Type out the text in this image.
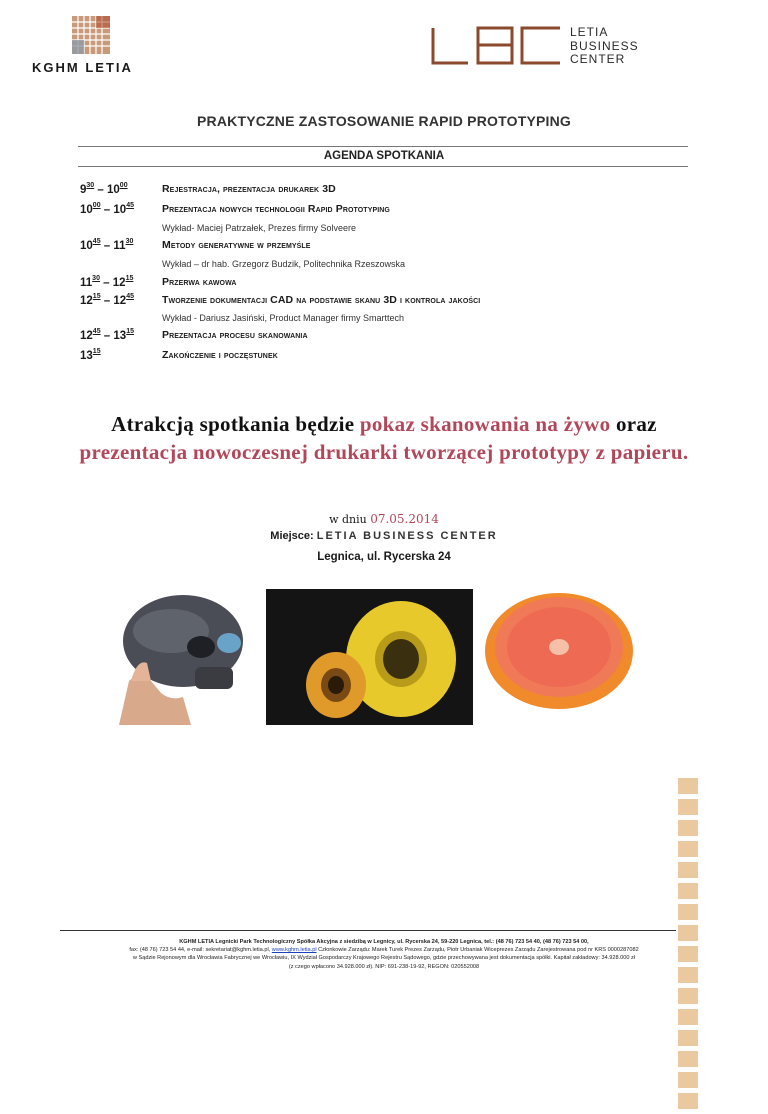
KGHM LETIA
LETIA
BUSINESS
CENTER
PRAKTYCZNE ZASTOSOWANIE RAPID PROTOTYPING
AGENDA SPOTKANIA
$9^{30} - 10^{00}$	Rejestracja, prezentacja drukarek 3D
$10^{00} - 10^{45}$	Prezentacja nowych technologii Rapid Prototyping
Wykład- Maciej Patrzałek, Prezes firmy Solveere
$10^{45} - 11^{30}$	Metody generatywne w przemyśle
Wykład – dr hab. Grzegorz Budzik, Politechnika Rzeszowska
$11^{30} - 12^{15}$	Przerwa kawowa
$12^{15} - 12^{45}$	Tworzenie dokumentacji CAD na podstawie skanu 3D i kontrola jakości
Wykład - Dariusz Jasiński, Product Manager firmy Smarttech
$12^{45} - 13^{15}$	Prezentacja procesu skanowania
$13^{15}$	Zakończenie i poczęstunek
Atrakcją spotkania będzie pokaz skanowania na żywo oraz
prezentacja nowoczesnej drukarki tworzącej prototypy z papieru.
w dniu 07.05.2014
Miejsce: LETIA BUSINESS CENTER
Legnica, ul. Rycerska 24
KGHM LETIA Legnicki Park Technologiczny Spółka Akcyjna z siedzibą w Legnicy, ul. Rycerska 24, 59-220 Legnica, tel.: (48 76) 723 54 40, (48 76) 723 54 00,
fax: (48 76) 723 54 44, e-mail: sekretariat@kghm.letia.pl, www.kghm.letia.pl Członkowie Zarządu: Marek Turek Prezes Zarządu, Piotr Urbaniak Wiceprezes Zarządu Zarejestrowana pod nr KRS 0000287082
w Sądzie Rejonowym dla Wrocławia Fabrycznej we Wrocławiu, IX Wydział Gospodarczy Krajowego Rejestru Sądowego, gdzie przechowywana jest dokumentacja spółki. Kapitał zakładowy: 34.928.000 zł
(z czego wpłacono 34.928.000 zł). NIP: 691-238-19-92, REGON: 020552008
